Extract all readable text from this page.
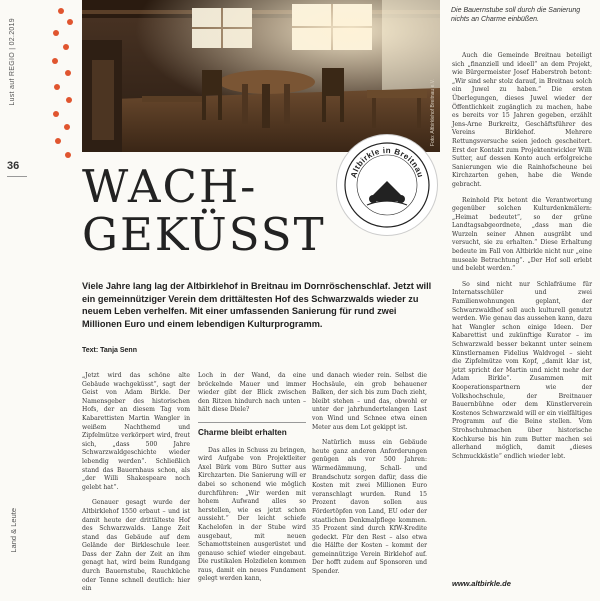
Lust auf REGIO | 02.2019
36
Land & Leute
Foto: Altbirklehof Breitnau e.V.
Die Bauernstube soll durch die Sanierung nichts an Charme einbüßen.
Altbirkle in Breitnau
WACH-
GEKÜSST

Viele Jahre lang lag der Altbirklehof in Breitnau im Dornröschenschlaf. Jetzt will ein gemeinnütziger Verein dem drittältesten Hof des Schwarzwalds wieder zu neuem Leben verhelfen. Mit einer umfassenden Sanierung für rund zwei Millionen Euro und einem lebendigen Kulturprogramm.

Text: Tanja Senn

„Jetzt wird das schöne alte Gebäude wachgeküsst“, sagt der Geist von Adam Birkle. Der Namensgeber des historischen Hofs, der an diesem Tag vom Kabarettisten Martin Wangler in weißem Nachthemd und Zipfelmütze verkörpert wird, freut sich, „dass 500 Jahre Schwarzwaldgeschichte wieder lebendig werden“. Schließlich stand das Bauernhaus schon, als „der Willi Shakespeare noch gelebt hat“.

Genauer gesagt wurde der Altbirklehof 1550 erbaut – und ist damit heute der drittälteste Hof des Schwarzwalds. Lange Zeit stand das Gebäude auf dem Gelände der Birkleschule leer. Dass der Zahn der Zeit an ihm genagt hat, wird beim Rundgang durch Bauernstube, Rauchküche oder Tenne schnell deutlich: hier ein

Loch in der Wand, da eine bröckelnde Mauer und immer wieder gibt der Blick zwischen den Ritzen hindurch nach unten – hält diese Diele?

Charme bleibt erhalten

Das alles in Schuss zu bringen, wird Aufgabe von Projektleiter Axel Bürk vom Büro Sutter aus Kirchzarten. Die Sanierung will er dabei so schonend wie möglich durchführen: „Wir werden mit hohem Aufwand alles so herstellen, wie es jetzt schon aussieht.“ Der leicht schiefe Kachelofen in der Stube wird ausgebaut, mit neuen Schamottsteinen ausgerüstet und genauso schief wieder eingebaut. Die rustikalen Holzdielen kommen raus, damit ein neues Fundament gelegt werden kann,

und danach wieder rein. Selbst die Hochsäule, ein grob behauener Balken, der sich bis zum Dach zieht, bleibt stehen – und das, obwohl er unter der jahrhundertelangen Last von Wind und Schnee etwa einen Meter aus dem Lot gekippt ist.

Natürlich muss ein Gebäude heute ganz anderen Anforderungen genügen als vor 500 Jahren: Wärmedämmung, Schall- und Brandschutz sorgen dafür, dass die Kosten mit zwei Millionen Euro veranschlagt wurden. Rund 15 Prozent davon sollen aus Fördertöpfen von Land, EU oder der staatlichen Denkmalpflege kommen. 35 Prozent sind durch KfW-Kredite gedeckt. Für den Rest – also etwa die Hälfte der Kosten – kommt der gemeinnützige Verein Birklehof auf. Der hofft zudem auf Sponsoren und Spender.

Auch die Gemeinde Breitnau beteiligt sich „finanziell und ideell“ an dem Projekt, wie Bürgermeister Josef Haberstroh betont: „Wir sind sehr stolz darauf, in Breitnau solch ein Juwel zu haben.“ Die ersten Überlegungen, dieses Juwel wieder der Öffentlichkeit zugänglich zu machen, habe es bereits vor 15 Jahren gegeben, erzählt Jens-Arne Burkreitz, Geschäftsführer des Vereins Birklehof. Mehrere Rettungsversuche seien jedoch gescheitert. Erst der Kontakt zum Projektentwickler Willi Sutter, auf dessen Konto auch erfolgreiche Sanierungen wie die Rainhofscheune bei Kirchzarten gehen, habe die Wende gebracht.

Reinhold Pix betont die Verantwortung gegenüber solchen Kulturdenkmälern: „Heimat bedeutet“, so der grüne Landtagsabgeordnete, „dass man die Wurzeln seiner Ahnen ausgräbt und versucht, sie zu erhalten.“ Diese Erhaltung bedeute im Fall von Altbirkle nicht nur „eine museale Betrachtung“. „Der Hof soll erlebt und belebt werden.“

So sind nicht nur Schlafräume für Internatsschüler und zwei Familienwohnungen geplant, der Schwarzwaldhof soll auch kulturell genutzt werden. Wie genau das aussehen kann, dazu hat Wangler schon einige Ideen. Der Kabarettist und zukünftige Kurator – im Schwarzwald besser bekannt unter seinem Künstlernamen Fidelius Waldvogel – sieht die Zipfelmütze vom Kopf, „damit klar ist, jetzt spricht der Martin und nicht mehr der Adam Birkle“. Zusammen mit Kooperationspartnern wie der Volkshochschule, der Breitnauer Bauernbühne oder dem Künstlerverein Kostenos Schwarzwald will er ein vielfältiges Programm auf die Beine stellen. Vom Strohschuhmachen über historische Kochkurse bis hin zum Butter machen sei allerhand möglich, damit „dieses Schmuckkästle“ endlich wieder lebt.

www.altbirkle.de
